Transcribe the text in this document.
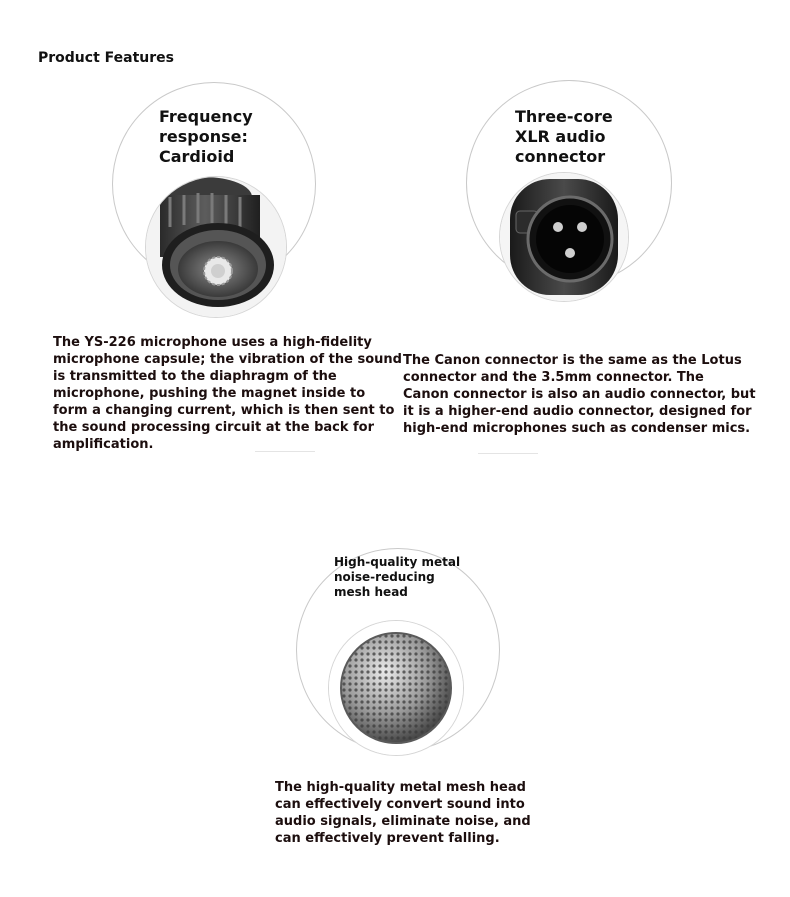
Product Features
Frequency
response:
Cardioid
The YS-226 microphone uses a high-fidelity
microphone capsule; the vibration of the sound
is transmitted to the diaphragm of the
microphone, pushing the magnet inside to
form a changing current, which is then sent to
the sound processing circuit at the back for
amplification.
Three-core
XLR audio
connector
The Canon connector is the same as the Lotus
connector and the 3.5mm connector. The
Canon connector is also an audio connector, but
it is a higher-end audio connector, designed for
high-end microphones such as condenser mics.
High-quality metal
noise-reducing
mesh head
The high-quality metal mesh head
can effectively convert sound into
audio signals, eliminate noise, and
can effectively prevent falling.
